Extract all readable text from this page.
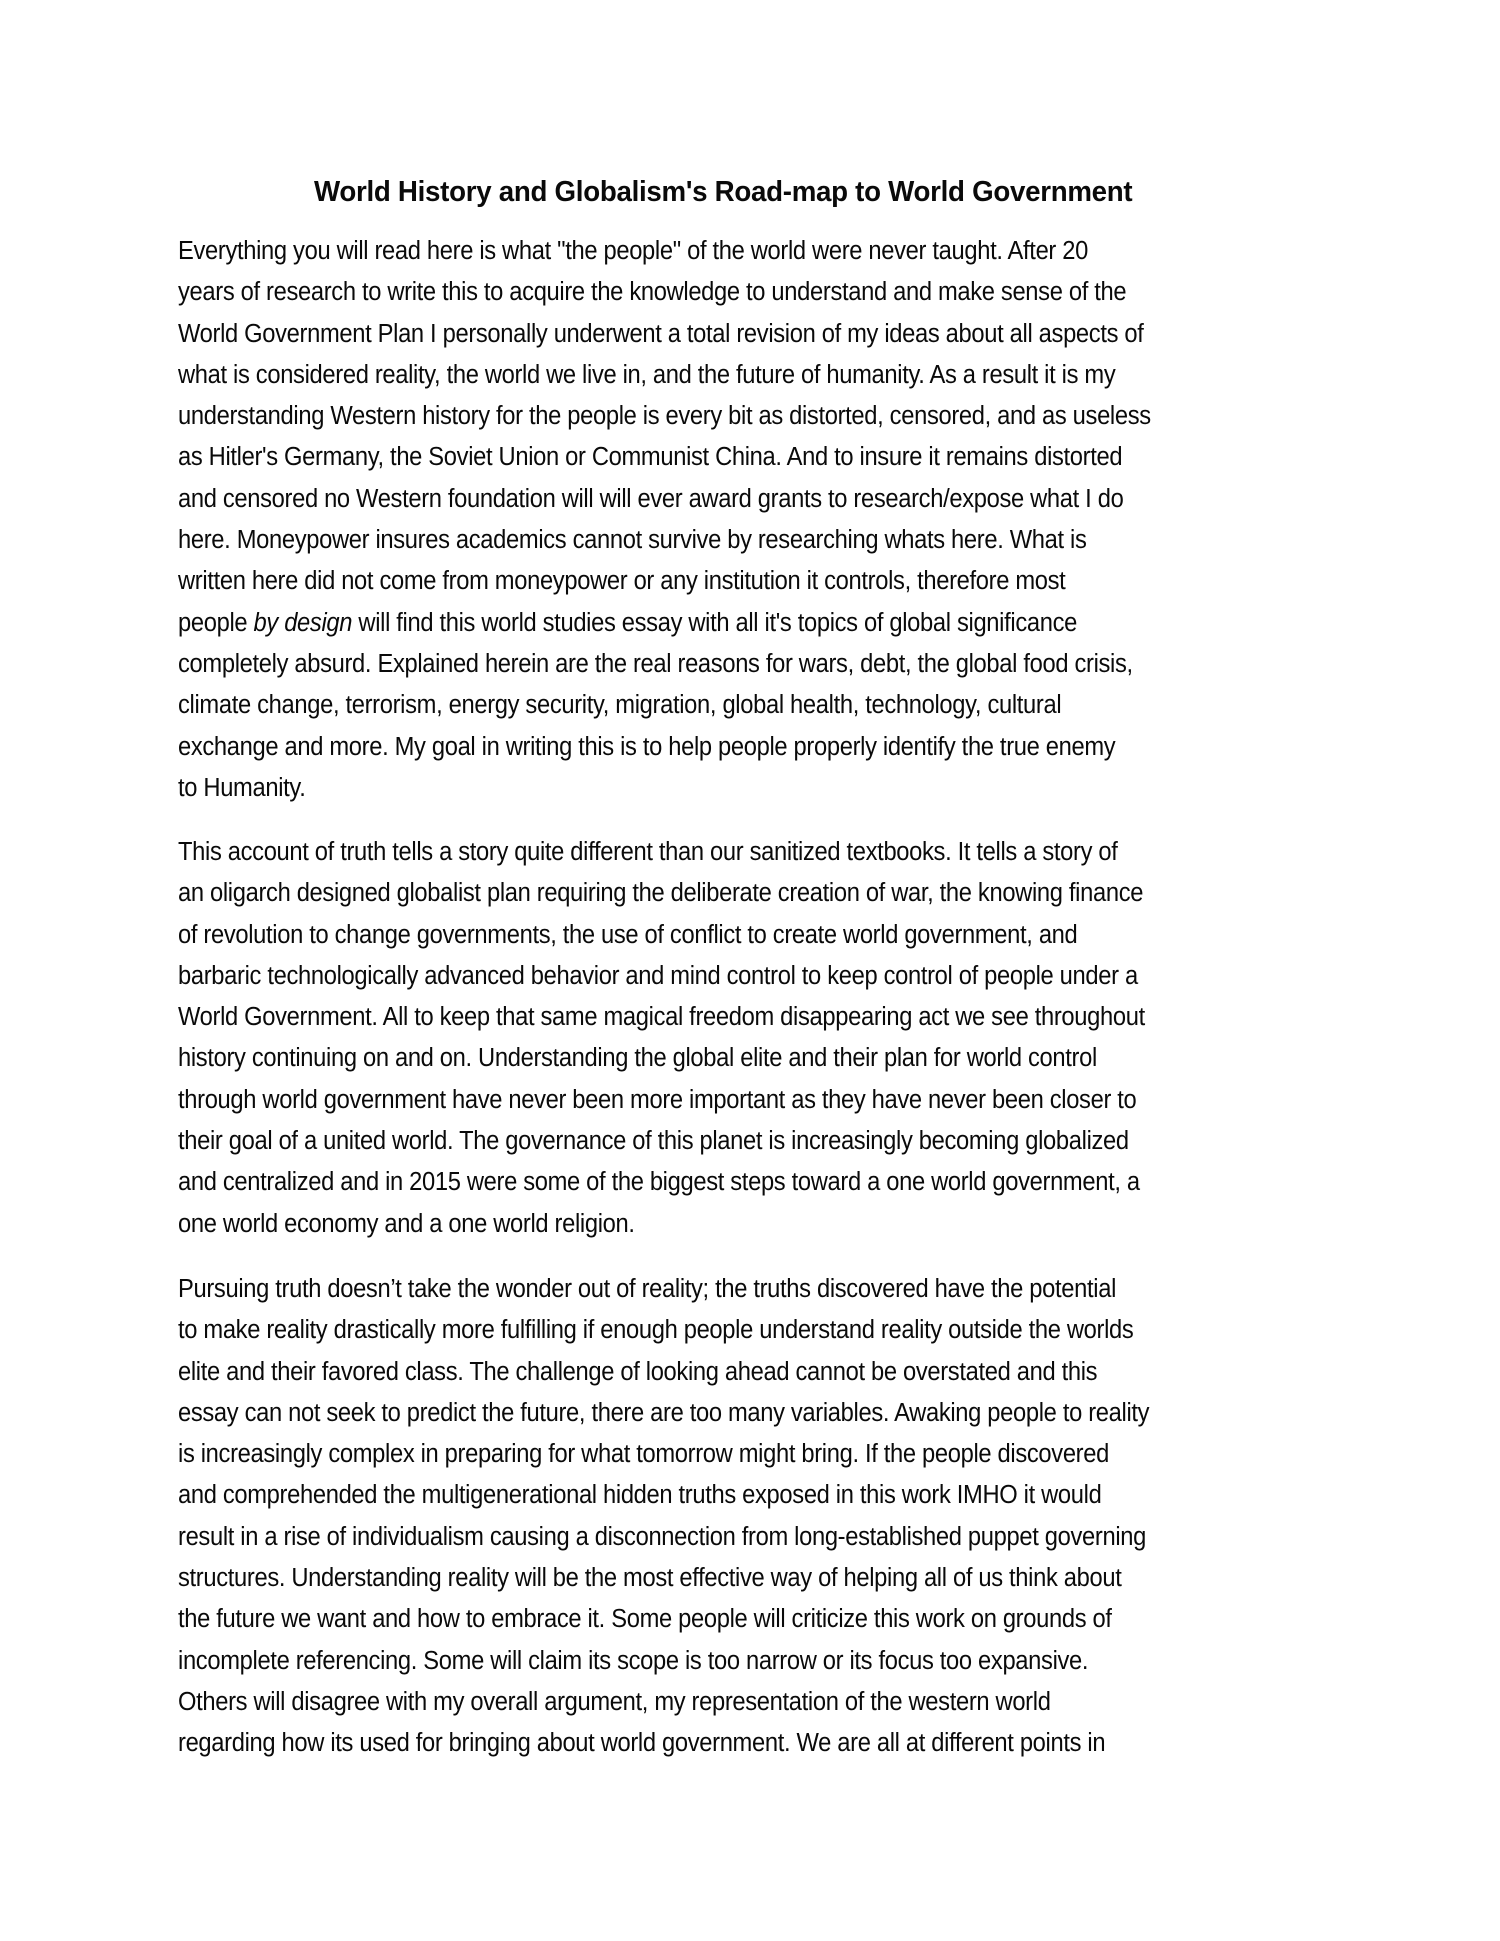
World History and Globalism's Road-map to World Government
Everything you will read here is what "the people" of the world were never taught. After 20
years of research to write this to acquire the knowledge to understand and make sense of the
World Government Plan I personally underwent a total revision of my ideas about all aspects of
what is considered reality, the world we live in, and the future of humanity. As a result it is my
understanding Western history for the people is every bit as distorted, censored, and as useless
as Hitler's Germany, the Soviet Union or Communist China. And to insure it remains distorted
and censored no Western foundation will will ever award grants to research/expose what I do
here. Moneypower insures academics cannot survive by researching whats here. What is
written here did not come from moneypower or any institution it controls, therefore most
people by design will find this world studies essay with all it's topics of global significance
completely absurd. Explained herein are the real reasons for wars, debt, the global food crisis,
climate change, terrorism, energy security, migration, global health, technology, cultural
exchange and more. My goal in writing this is to help people properly identify the true enemy
to Humanity.
This account of truth tells a story quite different than our sanitized textbooks. It tells a story of
an oligarch designed globalist plan requiring the deliberate creation of war, the knowing finance
of revolution to change governments, the use of conflict to create world government, and
barbaric technologically advanced behavior and mind control to keep control of people under a
World Government. All to keep that same magical freedom disappearing act we see throughout
history continuing on and on. Understanding the global elite and their plan for world control
through world government have never been more important as they have never been closer to
their goal of a united world. The governance of this planet is increasingly becoming globalized
and centralized and in 2015 were some of the biggest steps toward a one world government, a
one world economy and a one world religion.
Pursuing truth doesn’t take the wonder out of reality; the truths discovered have the potential
to make reality drastically more fulfilling if enough people understand reality outside the worlds
elite and their favored class. The challenge of looking ahead cannot be overstated and this
essay can not seek to predict the future, there are too many variables. Awaking people to reality
is increasingly complex in preparing for what tomorrow might bring. If the people discovered
and comprehended the multigenerational hidden truths exposed in this work IMHO it would
result in a rise of individualism causing a disconnection from long-established puppet governing
structures. Understanding reality will be the most effective way of helping all of us think about
the future we want and how to embrace it. Some people will criticize this work on grounds of
incomplete referencing. Some will claim its scope is too narrow or its focus too expansive.
Others will disagree with my overall argument, my representation of the western world
regarding how its used for bringing about world government. We are all at different points in
